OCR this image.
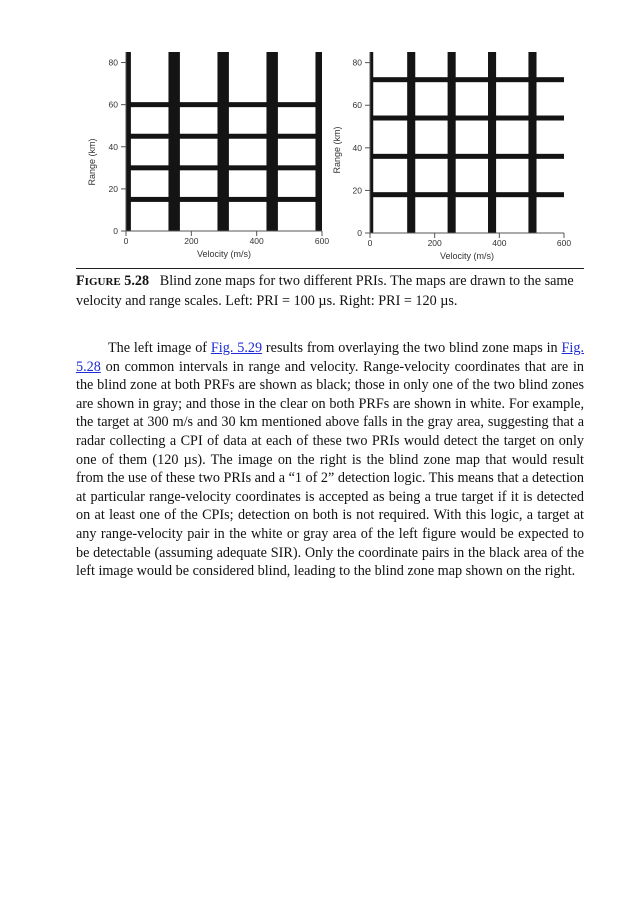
0
20
40
60
80
0	200	400	600
Velocity (m/s)
Range (km)
0
20
40
60
80
0	200	400	600
Velocity (m/s)
Range (km)
FIGURE 5.28 Blind zone maps for two different PRIs. The maps are drawn to the same velocity and range scales. Left: PRI = 100 µs. Right: PRI = 120 µs.

The left image of Fig. 5.29 results from overlaying the two blind zone maps in Fig. 5.28 on common intervals in range and velocity. Range-velocity coordinates that are in the blind zone at both PRFs are shown as black; those in only one of the two blind zones are shown in gray; and those in the clear on both PRFs are shown in white. For example, the target at 300 m/s and 30 km mentioned above falls in the gray area, suggesting that a radar collecting a CPI of data at each of these two PRIs would detect the target on only one of them (120 µs). The image on the right is the blind zone map that would result from the use of these two PRIs and a “1 of 2” detection logic. This means that a detection at particular range-velocity coordinates is accepted as being a true target if it is detected on at least one of the CPIs; detection on both is not required. With this logic, a target at any range-velocity pair in the white or gray area of the left figure would be expected to be detectable (assuming adequate SIR). Only the coordinate pairs in the black area of the left image would be considered blind, leading to the blind zone map shown on the right.
